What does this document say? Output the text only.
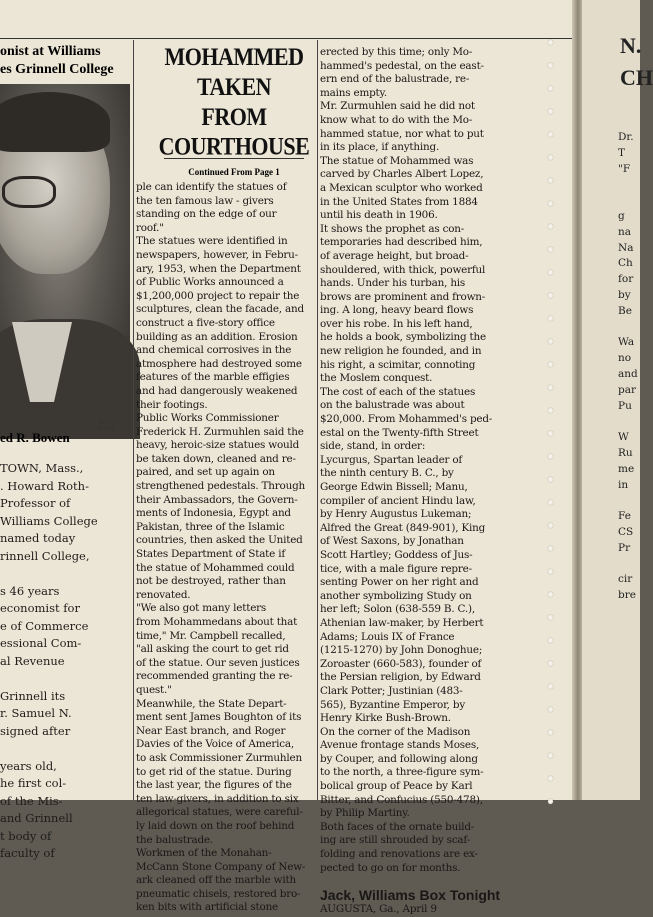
onist at Williams
es Grinnell College
Harris & Ewing
ed R. Bowen
TOWN, Mass.,
. Howard Roth-
Professor of
Williams College
named today
rinnell College,

s 46 years
economist for
e of Commerce
essional Com-
al Revenue

Grinnell its
r. Samuel N.
signed after

years old,
he first col-
of the Mis-
and Grinnell
t body of
faculty of
MOHAMMED TAKEN
FROM COURTHOUSE
Continued From Page 1
ple can identify the statues of
the ten famous law - givers
standing on the edge of our
roof."
The statues were identified in
newspapers, however, in Febru-
ary, 1953, when the Department
of Public Works announced a
$1,200,000 project to repair the
sculptures, clean the facade, and
construct a five-story office
building as an addition. Erosion
and chemical corrosives in the
atmosphere had destroyed some
features of the marble effigies
and had dangerously weakened
their footings.
Public Works Commissioner
Frederick H. Zurmuhlen said the
heavy, heroic-size statues would
be taken down, cleaned and re-
paired, and set up again on
strengthened pedestals. Through
their Ambassadors, the Govern-
ments of Indonesia, Egypt and
Pakistan, three of the Islamic
countries, then asked the United
States Department of State if
the statue of Mohammed could
not be destroyed, rather than
renovated.
"We also got many letters
from Mohammedans about that
time," Mr. Campbell recalled,
"all asking the court to get rid
of the statue. Our seven justices
recommended granting the re-
quest."
Meanwhile, the State Depart-
ment sent James Boughton of its
Near East branch, and Roger
Davies of the Voice of America,
to ask Commissioner Zurmuhlen
to get rid of the statue. During
the last year, the figures of the
ten law-givers, in addition to six
allegorical statues, were careful-
ly laid down on the roof behind
the balustrade.
Workmen of the Monahan-
McCann Stone Company of New-
ark cleaned off the marble with
pneumatic chisels, restored bro-
ken bits with artificial stone
erected by this time; only Mo-
hammed's pedestal, on the east-
ern end of the balustrade, re-
mains empty.
Mr. Zurmuhlen said he did not
know what to do with the Mo-
hammed statue, nor what to put
in its place, if anything.
The statue of Mohammed was
carved by Charles Albert Lopez,
a Mexican sculptor who worked
in the United States from 1884
until his death in 1906.
It shows the prophet as con-
temporaries had described him,
of average height, but broad-
shouldered, with thick, powerful
hands. Under his turban, his
brows are prominent and frown-
ing. A long, heavy beard flows
over his robe. In his left hand,
he holds a book, symbolizing the
new religion he founded, and in
his right, a scimitar, connoting
the Moslem conquest.
The cost of each of the statues
on the balustrade was about
$20,000. From Mohammed's ped-
estal on the Twenty-fifth Street
side, stand, in order:
Lycurgus, Spartan leader of
the ninth century B. C., by
George Edwin Bissell; Manu,
compiler of ancient Hindu law,
by Henry Augustus Lukeman;
Alfred the Great (849-901), King
of West Saxons, by Jonathan
Scott Hartley; Goddess of Jus-
tice, with a male figure repre-
senting Power on her right and
another symbolizing Study on
her left; Solon (638-559 B. C.),
Athenian law-maker, by Herbert
Adams; Louis IX of France
(1215-1270) by John Donoghue;
Zoroaster (660-583), founder of
the Persian religion, by Edward
Clark Potter; Justinian (483-
565), Byzantine Emperor, by
Henry Kirke Bush-Brown.
On the corner of the Madison
Avenue frontage stands Moses,
by Couper, and following along
to the north, a three-figure sym-
bolical group of Peace by Karl
Bitter, and Confucius (550-478),
by Philip Martiny.
Both faces of the ornate build-
ing are still shrouded by scaf-
folding and renovations are ex-
pected to go on for months.
Jack, Williams Box Tonight
AUGUSTA, Ga., April 9
N.
CH
Dr.
T
"F

g
na
Na
Ch
for
by
Be

Wa
no
and
par
Pu

W
Ru
me
in

Fe
CS
Pr

cir
bre
